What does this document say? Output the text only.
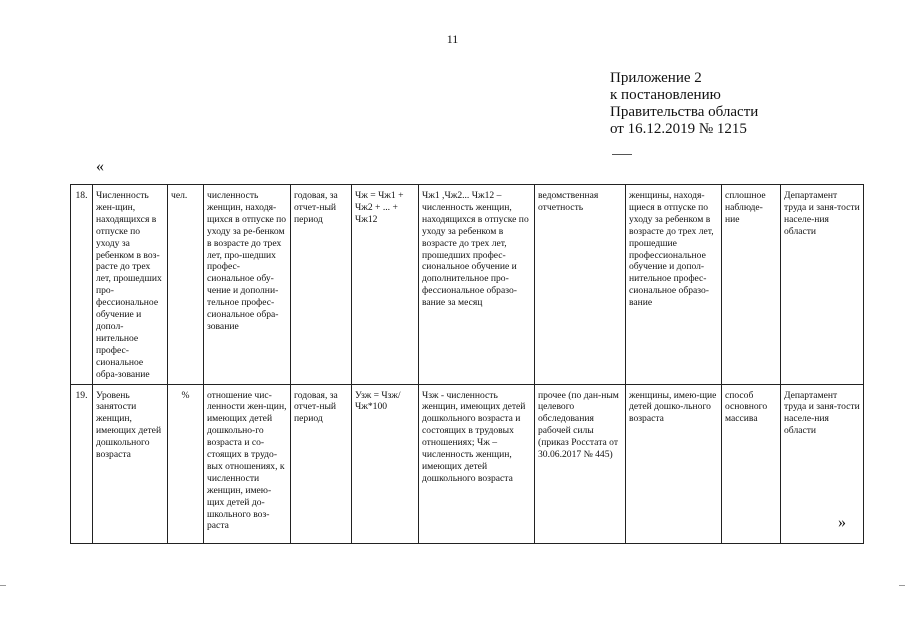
11
Приложение 2
к постановлению
Правительства области
от 16.12.2019 № 1215
«
18.	Численность жен-щин, находящихся в отпуске по уходу за ребенком в воз-расте до трех лет, прошедших про-фессиональное обучение и допол-нительное профес-сиональное обра-зование	чел.	численность женщин, находя-щихся в отпуске по уходу за ре-бенком в возрасте до трех лет, про-шедших профес-сиональное обу-чение и дополни-тельное профес-сиональное обра-зование	годовая, за отчет-ный период	Чж = Чж1 + Чж2 + ... + Чж12	Чж1 ,Чж2... Чж12 – численность женщин, находящихся в отпуске по уходу за ребенком в возрасте до трех лет, прошедших профес-сиональное обучение и дополнительное про-фессиональное образо-вание за месяц	ведомственная отчетность	женщины, находя-щиеся в отпуске по уходу за ребенком в возрасте до трех лет, прошедшие профессиональное обучение и допол-нительное профес-сиональное образо-вание	сплошное наблюде-ние	Департамент труда и заня-тости населе-ния области
19.	Уровень занятости женщин, имеющих детей дошкольного возраста	%	отношение чис-ленности жен-щин, имеющих детей дошкольно-го возраста и со-стоящих в трудо-вых отношениях, к численности женщин, имею-щих детей до-школьного воз-раста	годовая, за отчет-ный период	Узж = Чзж/Чж*100	Чзж - численность женщин, имеющих детей дошкольного возраста и состоящих в трудовых отношениях; Чж – численность женщин, имеющих детей дошкольного возраста	прочее (по дан-ным целевого обследования рабочей силы (приказ Росстата от 30.06.2017 № 445)	женщины, имею-щие детей дошко-льного возраста	способ основного массива	Департамент труда и заня-тости населе-ния области
»
